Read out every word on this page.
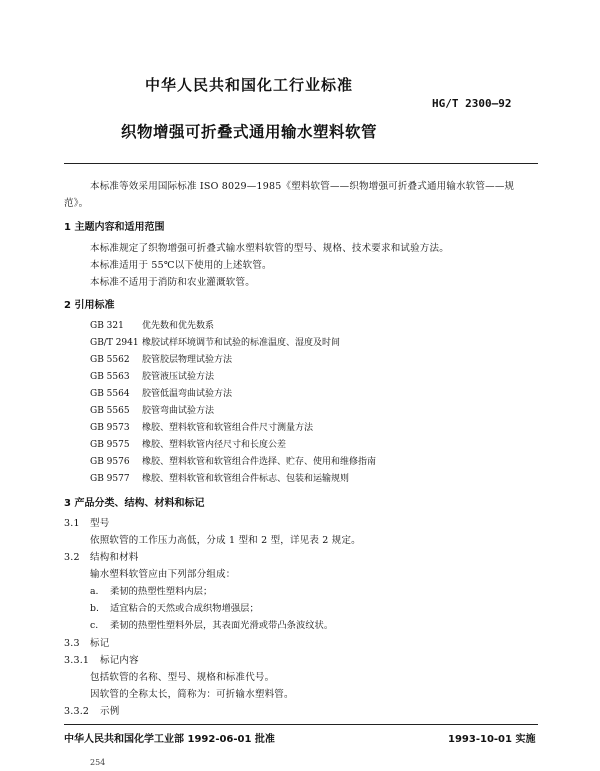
中华人民共和国化工行业标准
HG/T 2300—92
织物增强可折叠式通用输水塑料软管
本标准等效采用国际标准 ISO 8029—1985《塑料软管——织物增强可折叠式通用输水软管——规
范》。
1 主题内容和适用范围
本标准规定了织物增强可折叠式输水塑料软管的型号、规格、技术要求和试验方法。
本标准适用于 55℃以下使用的上述软管。
本标准不适用于消防和农业灌溉软管。
2 引用标准
GB 321 优先数和优先数系
GB/T 2941 橡胶试样环境调节和试验的标准温度、湿度及时间
GB 5562 胶管胶层物理试验方法
GB 5563 胶管液压试验方法
GB 5564 胶管低温弯曲试验方法
GB 5565 胶管弯曲试验方法
GB 9573 橡胶、塑料软管和软管组合件尺寸测量方法
GB 9575 橡胶、塑料软管内径尺寸和长度公差
GB 9576 橡胶、塑料软管和软管组合件选择、贮存、使用和维修指南
GB 9577 橡胶、塑料软管和软管组合件标志、包装和运输规则
3 产品分类、结构、材料和标记
3.1 型号
依照软管的工作压力高低，分成 1 型和 2 型，详见表 2 规定。
3.2 结构和材料
输水塑料软管应由下列部分组成：
a. 柔韧的热塑性塑料内层；
b. 适宜粘合的天然或合成织物增强层；
c. 柔韧的热塑性塑料外层，其表面光滑或带凸条波纹状。
3.3 标记
3.3.1 标记内容
包括软管的名称、型号、规格和标准代号。
因软管的全称太长，简称为：可折输水塑料管。
3.3.2 示例
中华人民共和国化学工业部 1992-06-01 批准	1993-10-01 实施
254
